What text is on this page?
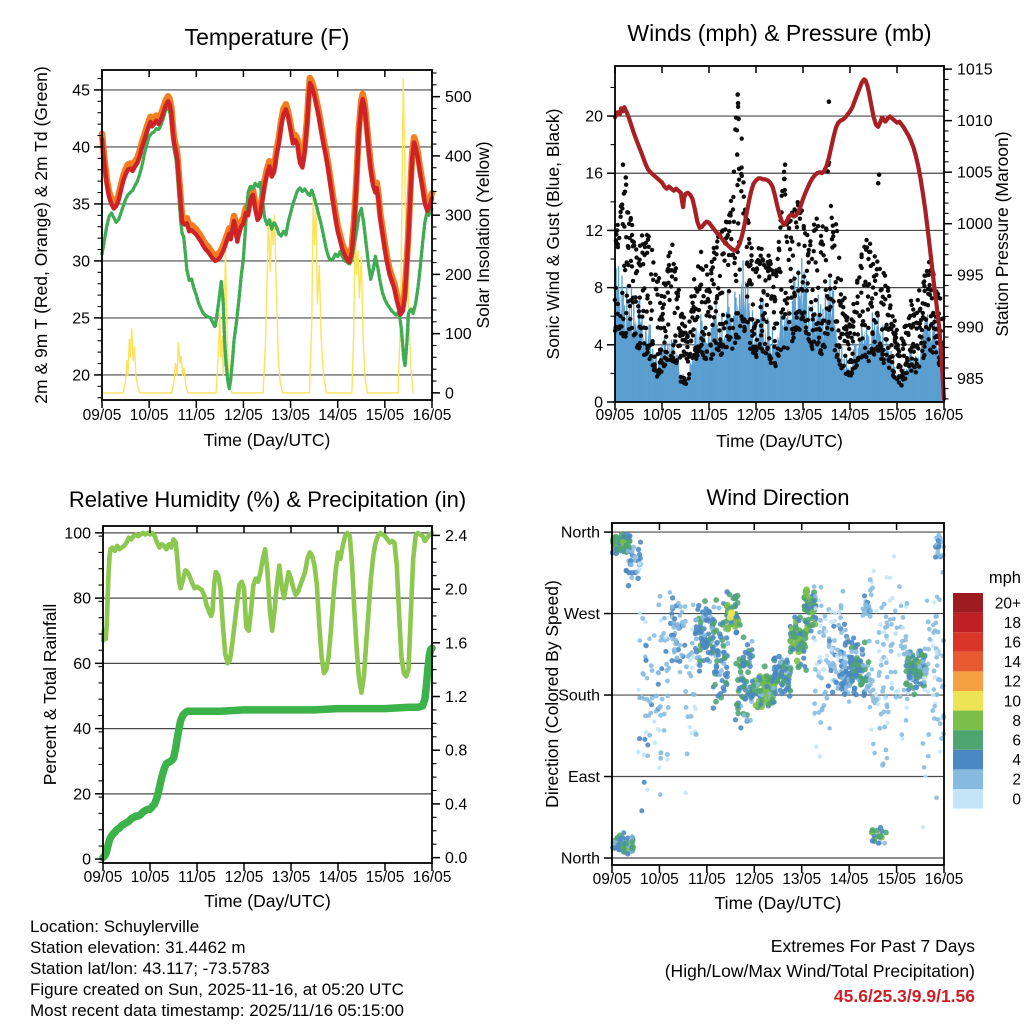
09/05 10/05 11/05 12/05 13/05 14/05 15/05 16/05
20
25
30
35
40
45
0
100
200
300
400
500
Temperature (F)
Time (Day/UTC)
2m & 9m T (Red, Orange) & 2m Td (Green)	Solar Insolation (Yellow)
09/05 10/05 11/05 12/05 13/05 14/05 15/05 16/05
0
4
8
12
16
20
985
990
995
1000
1005
1010
1015
Winds (mph) & Pressure (mb)
Time (Day/UTC)
Sonic Wind & Gust (Blue, Black)	Station Pressure (Maroon)
09/05 10/05 11/05 12/05 13/05 14/05 15/05 16/05
0
20
40
60
80
100
0.0
0.4
0.8
1.2
1.6
2.0
2.4
Relative Humidity (%) & Precipitation (in)
Time (Day/UTC)
Percent & Total Rainfall
mph
20+
18
16
14
12
10
8
6
4
2
0
09/05 10/05 11/05 12/05 13/05 14/05 15/05 16/05
North
East
South
West
North
Wind Direction
Time (Day/UTC)
Direction (Colored By Speed)
Location: Schuylerville
Station elevation: 31.4462 m
Station lat/lon: 43.117; -73.5783
Figure created on Sun, 2025-11-16, at 05:20 UTC
Most recent data timestamp: 2025/11/16 05:15:00
Extremes For Past 7 Days
(High/Low/Max Wind/Total Precipitation)
45.6/25.3/9.9/1.56
